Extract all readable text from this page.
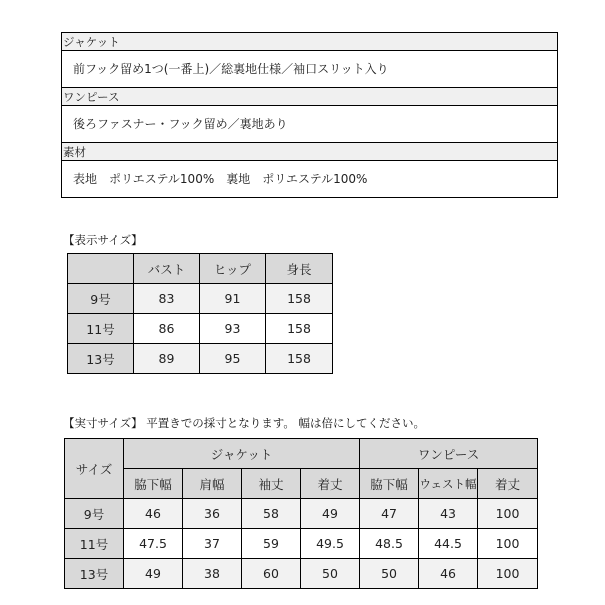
ジャケット
前フック留め1つ(一番上)／総裏地仕様／袖口スリット入り
ワンピース
後ろファスナー・フック留め／裏地あり
素材
表地　ポリエステル100%　裏地　ポリエステル100%
【表示サイズ】
	バスト	ヒップ	身長
9号	83	91	158
11号	86	93	158
13号	89	95	158
【実寸サイズ】 平置きでの採寸となります。 幅は倍にしてください。
サイズ	ジャケット				ワンピース		
	脇下幅	肩幅	袖丈	着丈	脇下幅	ウェスト幅	着丈
9号	46	36	58	49	47	43	100
11号	47.5	37	59	49.5	48.5	44.5	100
13号	49	38	60	50	50	46	100
